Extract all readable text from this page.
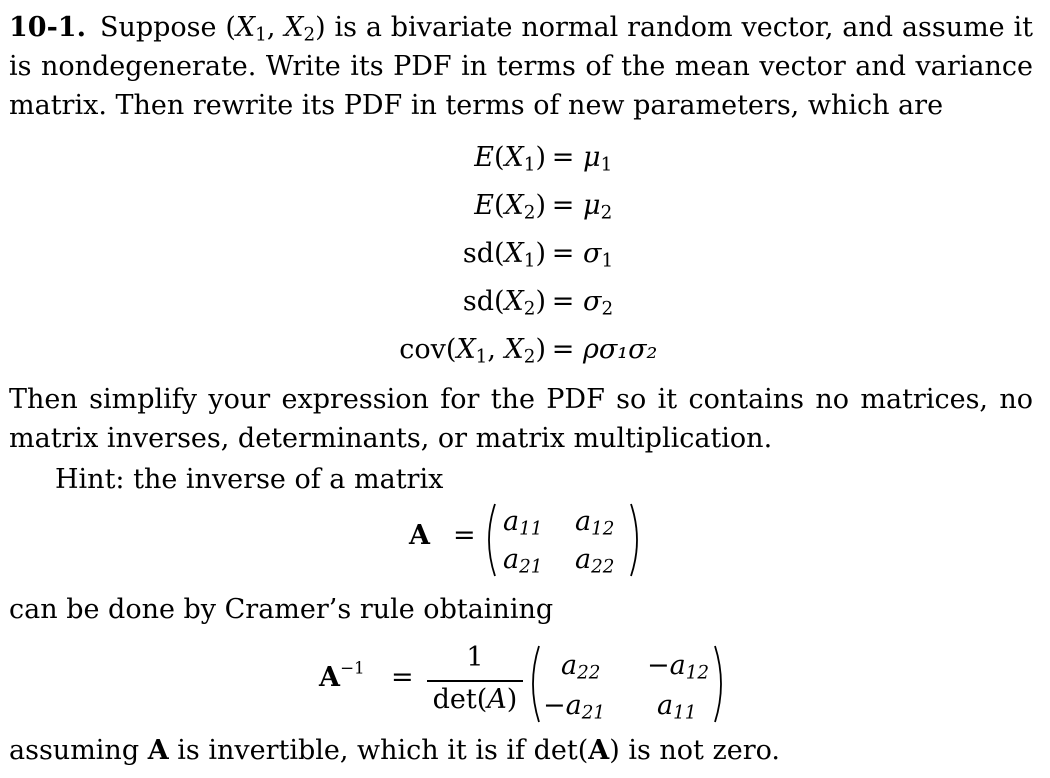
10-1. Suppose ($X_1$, $X_2$) is a bivariate normal random vector, and assume it is nondegenerate. Write its PDF in terms of the mean vector and variance matrix. Then rewrite its PDF in terms of new parameters, which are

$E(X_1) = \mu_1$
$E(X_2) = \mu_2$
$sd(X_1) = \sigma_1$
$sd(X_2) = \sigma_2$
$cov(X_1$, $X_2) = \rho\sigma_1\sigma_2$

Then simplify your expression for the PDF so it contains no matrices, no matrix inverses, determinants, or matrix multiplication.

Hint: the inverse of a matrix

$A = a_{11}$ $a_{12}$
$a_{21}$ $a_{22}$

can be done by Cramer’s rule obtaining

$A^{-1}$ =
1
det(A)
$a_{22} -a_{12}$
$-a_{21}$ $a_{11}$

assuming A is invertible, which it is if det(A) is not zero.
